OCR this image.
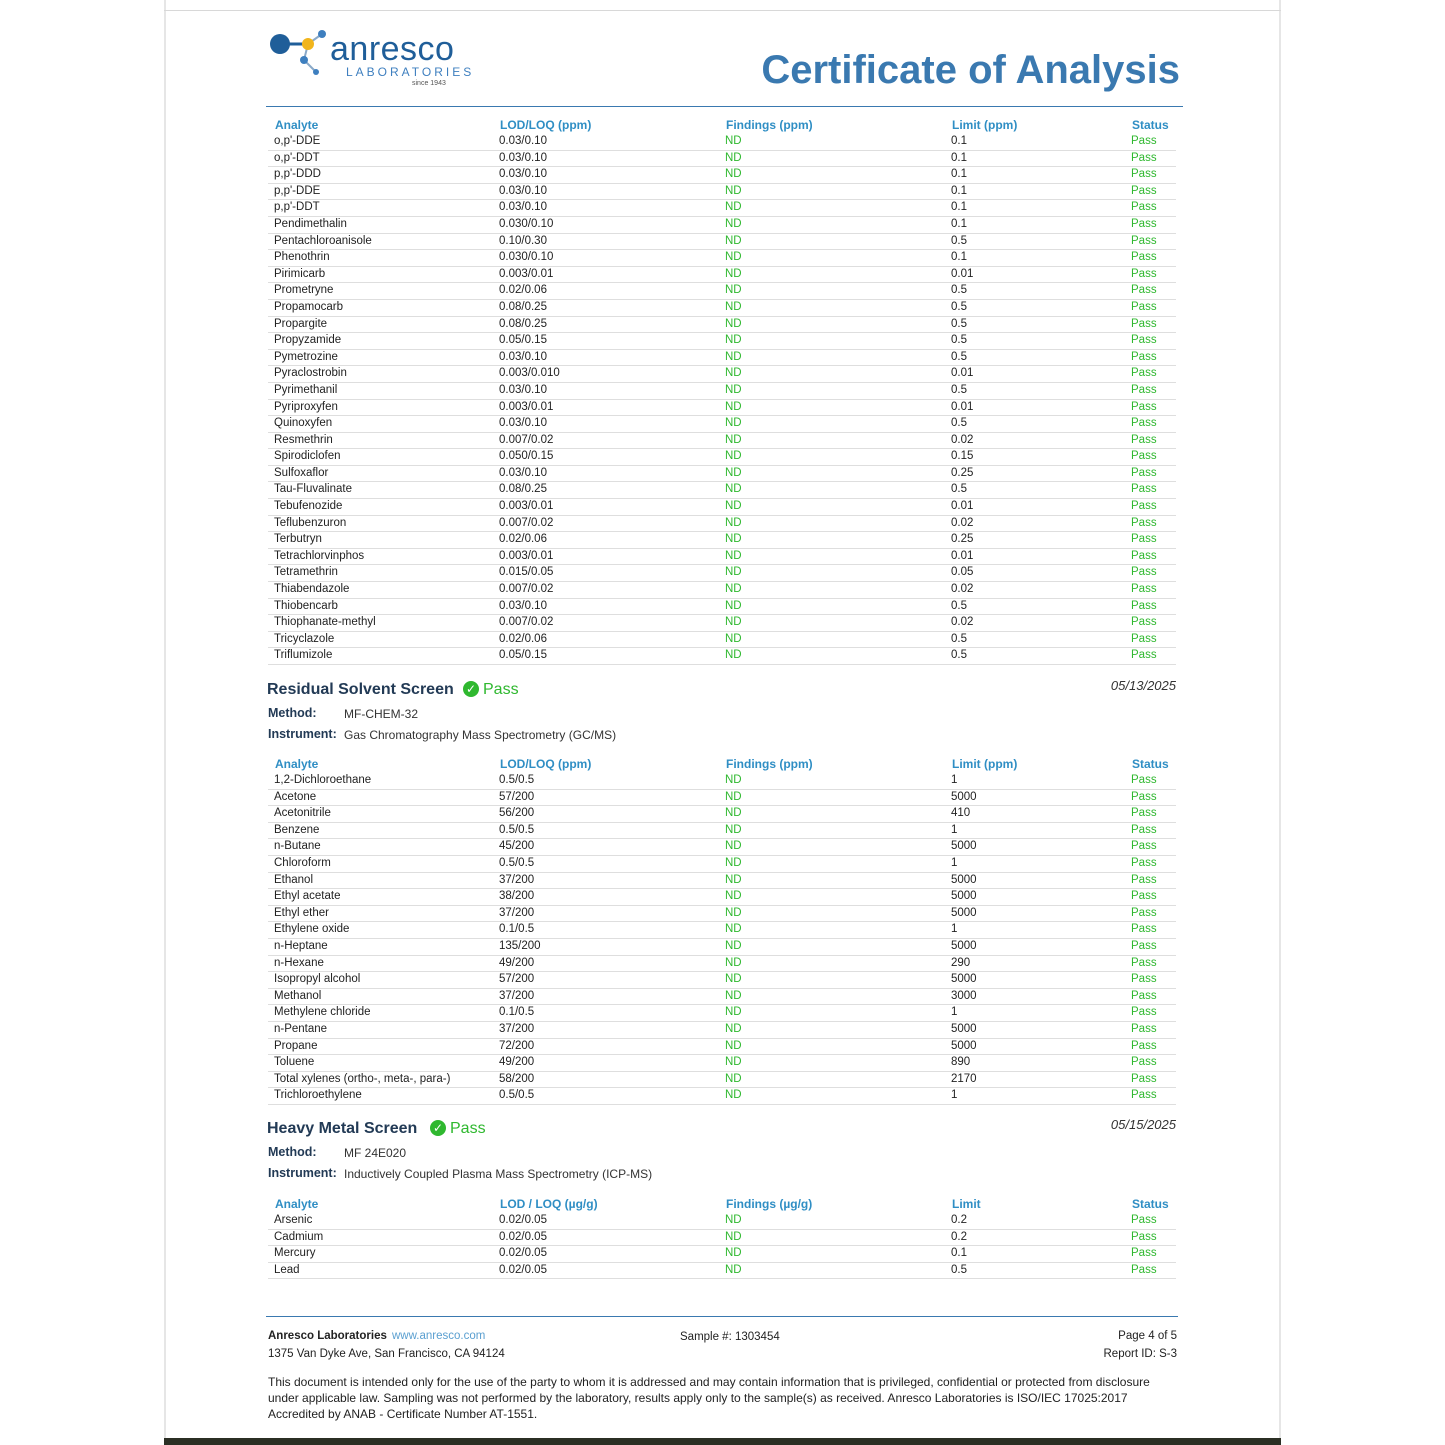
anresco
LABORATORIES
since 1943	Certificate of Analysis
Analyte	LOD/LOQ (ppm)	Findings (ppm)	Limit (ppm)	Status
o,p'-DDE	0.03/0.10	ND	0.1	Pass
o,p'-DDT	0.03/0.10	ND	0.1	Pass
p,p'-DDD	0.03/0.10	ND	0.1	Pass
p,p'-DDE	0.03/0.10	ND	0.1	Pass
p,p'-DDT	0.03/0.10	ND	0.1	Pass
Pendimethalin	0.030/0.10	ND	0.1	Pass
Pentachloroanisole	0.10/0.30	ND	0.5	Pass
Phenothrin	0.030/0.10	ND	0.1	Pass
Pirimicarb	0.003/0.01	ND	0.01	Pass
Prometryne	0.02/0.06	ND	0.5	Pass
Propamocarb	0.08/0.25	ND	0.5	Pass
Propargite	0.08/0.25	ND	0.5	Pass
Propyzamide	0.05/0.15	ND	0.5	Pass
Pymetrozine	0.03/0.10	ND	0.5	Pass
Pyraclostrobin	0.003/0.010	ND	0.01	Pass
Pyrimethanil	0.03/0.10	ND	0.5	Pass
Pyriproxyfen	0.003/0.01	ND	0.01	Pass
Quinoxyfen	0.03/0.10	ND	0.5	Pass
Resmethrin	0.007/0.02	ND	0.02	Pass
Spirodiclofen	0.050/0.15	ND	0.15	Pass
Sulfoxaflor	0.03/0.10	ND	0.25	Pass
Tau-Fluvalinate	0.08/0.25	ND	0.5	Pass
Tebufenozide	0.003/0.01	ND	0.01	Pass
Teflubenzuron	0.007/0.02	ND	0.02	Pass
Terbutryn	0.02/0.06	ND	0.25	Pass
Tetrachlorvinphos	0.003/0.01	ND	0.01	Pass
Tetramethrin	0.015/0.05	ND	0.05	Pass
Thiabendazole	0.007/0.02	ND	0.02	Pass
Thiobencarb	0.03/0.10	ND	0.5	Pass
Thiophanate-methyl	0.007/0.02	ND	0.02	Pass
Tricyclazole	0.02/0.06	ND	0.5	Pass
Triflumizole	0.05/0.15	ND	0.5	Pass
Residual Solvent Screen ✓ Pass	05/13/2025
Method: MF-CHEM-32
Instrument: Gas Chromatography Mass Spectrometry (GC/MS)
Analyte	LOD/LOQ (ppm)	Findings (ppm)	Limit (ppm)	Status
1,2-Dichloroethane	0.5/0.5	ND	1	Pass
Acetone	57/200	ND	5000	Pass
Acetonitrile	56/200	ND	410	Pass
Benzene	0.5/0.5	ND	1	Pass
n-Butane	45/200	ND	5000	Pass
Chloroform	0.5/0.5	ND	1	Pass
Ethanol	37/200	ND	5000	Pass
Ethyl acetate	38/200	ND	5000	Pass
Ethyl ether	37/200	ND	5000	Pass
Ethylene oxide	0.1/0.5	ND	1	Pass
n-Heptane	135/200	ND	5000	Pass
n-Hexane	49/200	ND	290	Pass
Isopropyl alcohol	57/200	ND	5000	Pass
Methanol	37/200	ND	3000	Pass
Methylene chloride	0.1/0.5	ND	1	Pass
n-Pentane	37/200	ND	5000	Pass
Propane	72/200	ND	5000	Pass
Toluene	49/200	ND	890	Pass
Total xylenes (ortho-, meta-, para-)	58/200	ND	2170	Pass
Trichloroethylene	0.5/0.5	ND	1	Pass
Heavy Metal Screen ✓ Pass	05/15/2025
Method: MF 24E020
Instrument: Inductively Coupled Plasma Mass Spectrometry (ICP-MS)
Analyte	LOD / LOQ (µg/g)	Findings (µg/g)	Limit	Status
Arsenic	0.02/0.05	ND	0.2	Pass
Cadmium	0.02/0.05	ND	0.2	Pass
Mercury	0.02/0.05	ND	0.1	Pass
Lead	0.02/0.05	ND	0.5	Pass
Anresco Laboratories www.anresco.com
1375 Van Dyke Ave, San Francisco, CA 94124
Sample #: 1303454	Page 4 of 5
Report ID: S-3
This document is intended only for the use of the party to whom it is addressed and may contain information that is privileged, confidential or protected from disclosure under applicable law. Sampling was not performed by the laboratory, results apply only to the sample(s) as received. Anresco Laboratories is ISO/IEC 17025:2017 Accredited by ANAB - Certificate Number AT-1551.
